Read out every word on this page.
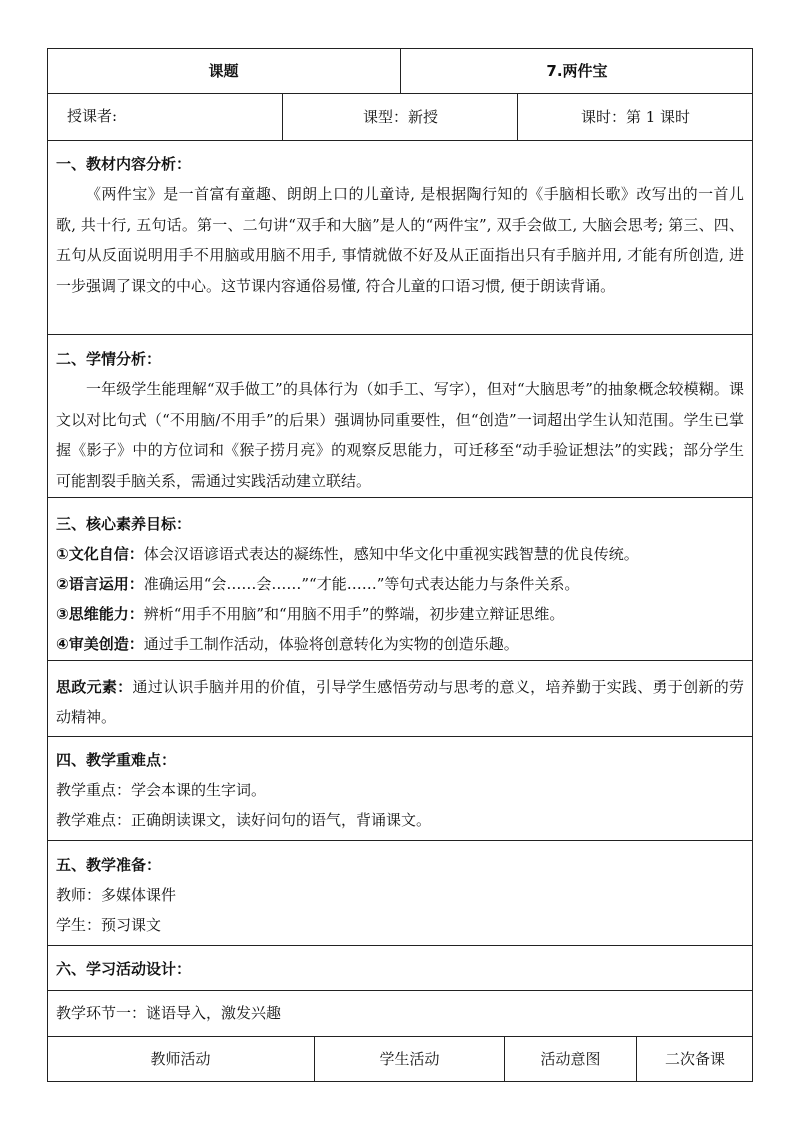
课题	7.两件宝
授课者:	课型：新授	课时：第 1 课时
一、教材内容分析：

《两件宝》是一首富有童趣、朗朗上口的儿童诗, 是根据陶行知的《手脑相长歌》改写出的一首儿歌, 共十行, 五句话。第一、二句讲“双手和大脑”是人的“两件宝”, 双手会做工, 大脑会思考; 第三、四、五句从反面说明用手不用脑或用脑不用手, 事情就做不好及从正面指出只有手脑并用, 才能有所创造, 进一步强调了课文的中心。这节课内容通俗易懂, 符合儿童的口语习惯, 便于朗读背诵。

二、学情分析：

一年级学生能理解“双手做工”的具体行为（如手工、写字），但对“大脑思考”的抽象概念较模糊。课文以对比句式（“不用脑/不用手”的后果）强调协同重要性，但“创造”一词超出学生认知范围。学生已掌握《影子》中的方位词和《猴子捞月亮》的观察反思能力，可迁移至“动手验证想法”的实践；部分学生可能割裂手脑关系，需通过实践活动建立联结。

三、核心素养目标：
①文化自信：体会汉语谚语式表达的凝练性，感知中华文化中重视实践智慧的优良传统。
②语言运用：准确运用“会……会……”“才能……”等句式表达能力与条件关系。
③思维能力：辨析“用手不用脑”和“用脑不用手”的弊端，初步建立辩证思维。
④审美创造：通过手工制作活动，体验将创意转化为实物的创造乐趣。

思政元素：通过认识手脑并用的价值，引导学生感悟劳动与思考的意义，培养勤于实践、勇于创新的劳动精神。

四、教学重难点：
教学重点：学会本课的生字词。
教学难点：正确朗读课文，读好问句的语气，背诵课文。
五、教学准备：
教师：多媒体课件
学生：预习课文
六、学习活动设计：
教学环节一：谜语导入，激发兴趣
教师活动	学生活动	活动意图	二次备课
